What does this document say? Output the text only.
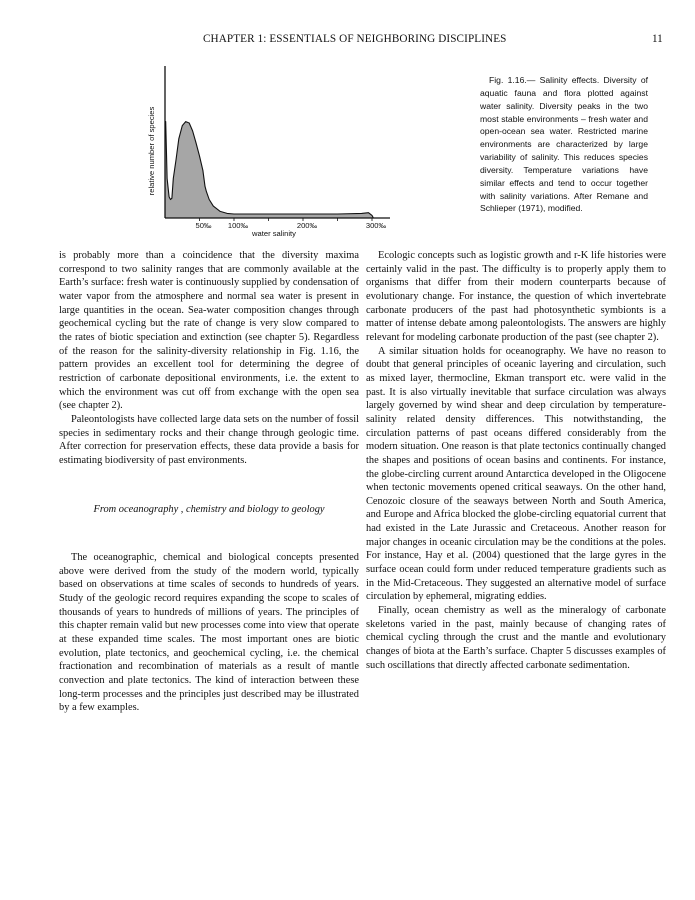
CHAPTER 1: ESSENTIALS OF NEIGHBORING DISCIPLINES	11
50‰ 100‰	200‰	300‰
relative number of species
water salinity

Fig. 1.16.— Salinity effects. Diversity of aquatic fauna and flora plotted against water salinity. Diversity peaks in the two most stable environments – fresh water and open-ocean sea water. Restricted marine environments are characterized by large variability of salinity. This reduces species diversity. Temperature variations have similar effects and tend to occur together with salinity variations. After Remane and Schlieper (1971), modified.

is probably more than a coincidence that the diversity maxima correspond to two salinity ranges that are commonly available at the Earth’s surface: fresh water is continuously supplied by condensation of water vapor from the atmosphere and normal sea water is present in large quantities in the ocean. Sea-water composition changes through geochemical cycling but the rate of change is very slow compared to the rates of biotic speciation and extinction (see chapter 5). Regardless of the reason for the salinity-diversity relationship in Fig. 1.16, the pattern provides an excellent tool for determining the degree of restriction of carbonate depositional environments, i.e. the extent to which the environment was cut off from exchange with the open sea (see chapter 2).

Paleontologists have collected large data sets on the number of fossil species in sedimentary rocks and their change through geologic time. After correction for preservation effects, these data provide a basis for estimating biodiversity of past environments.

From oceanography , chemistry and biology to geology

The oceanographic, chemical and biological concepts presented above were derived from the study of the modern world, typically based on observations at time scales of seconds to hundreds of years. Study of the geologic record requires expanding the scope to scales of thousands of years to hundreds of millions of years. The principles of this chapter remain valid but new processes come into view that operate at these expanded time scales. The most important ones are biotic evolution, plate tectonics, and geochemical cycling, i.e. the chemical fractionation and recombination of materials as a result of mantle convection and plate tectonics. The kind of interaction between these long-term processes and the principles just described may be illustrated by a few examples.

Ecologic concepts such as logistic growth and r-K life histories were certainly valid in the past. The difficulty is to properly apply them to organisms that differ from their modern counterparts because of evolutionary change. For instance, the question of which invertebrate carbonate producers of the past had photosynthetic symbionts is a matter of intense debate among paleontologists. The answers are highly relevant for modeling carbonate production of the past (see chapter 2).

A similar situation holds for oceanography. We have no reason to doubt that general principles of oceanic layering and circulation, such as mixed layer, thermocline, Ekman transport etc. were valid in the past. It is also virtually inevitable that surface circulation was always largely governed by wind shear and deep circulation by temperature-salinity related density differences. This notwithstanding, the circulation patterns of past oceans differed considerably from the modern situation. One reason is that plate tectonics continually changed the shapes and positions of ocean basins and continents. For instance, the globe-circling current around Antarctica developed in the Oligocene when tectonic movements opened critical seaways. On the other hand, Cenozoic closure of the seaways between North and South America, and Europe and Africa blocked the globe-circling equatorial current that had existed in the Late Jurassic and Cretaceous. Another reason for major changes in oceanic circulation may be the conditions at the poles. For instance, Hay et al. (2004) questioned that the large gyres in the surface ocean could form under reduced temperature gradients such as in the Mid-Cretaceous. They suggested an alternative model of surface circulation by ephemeral, migrating eddies.

Finally, ocean chemistry as well as the mineralogy of carbonate skeletons varied in the past, mainly because of changing rates of chemical cycling through the crust and the mantle and evolutionary changes of biota at the Earth’s surface. Chapter 5 discusses examples of such oscillations that directly affected carbonate sedimentation.
